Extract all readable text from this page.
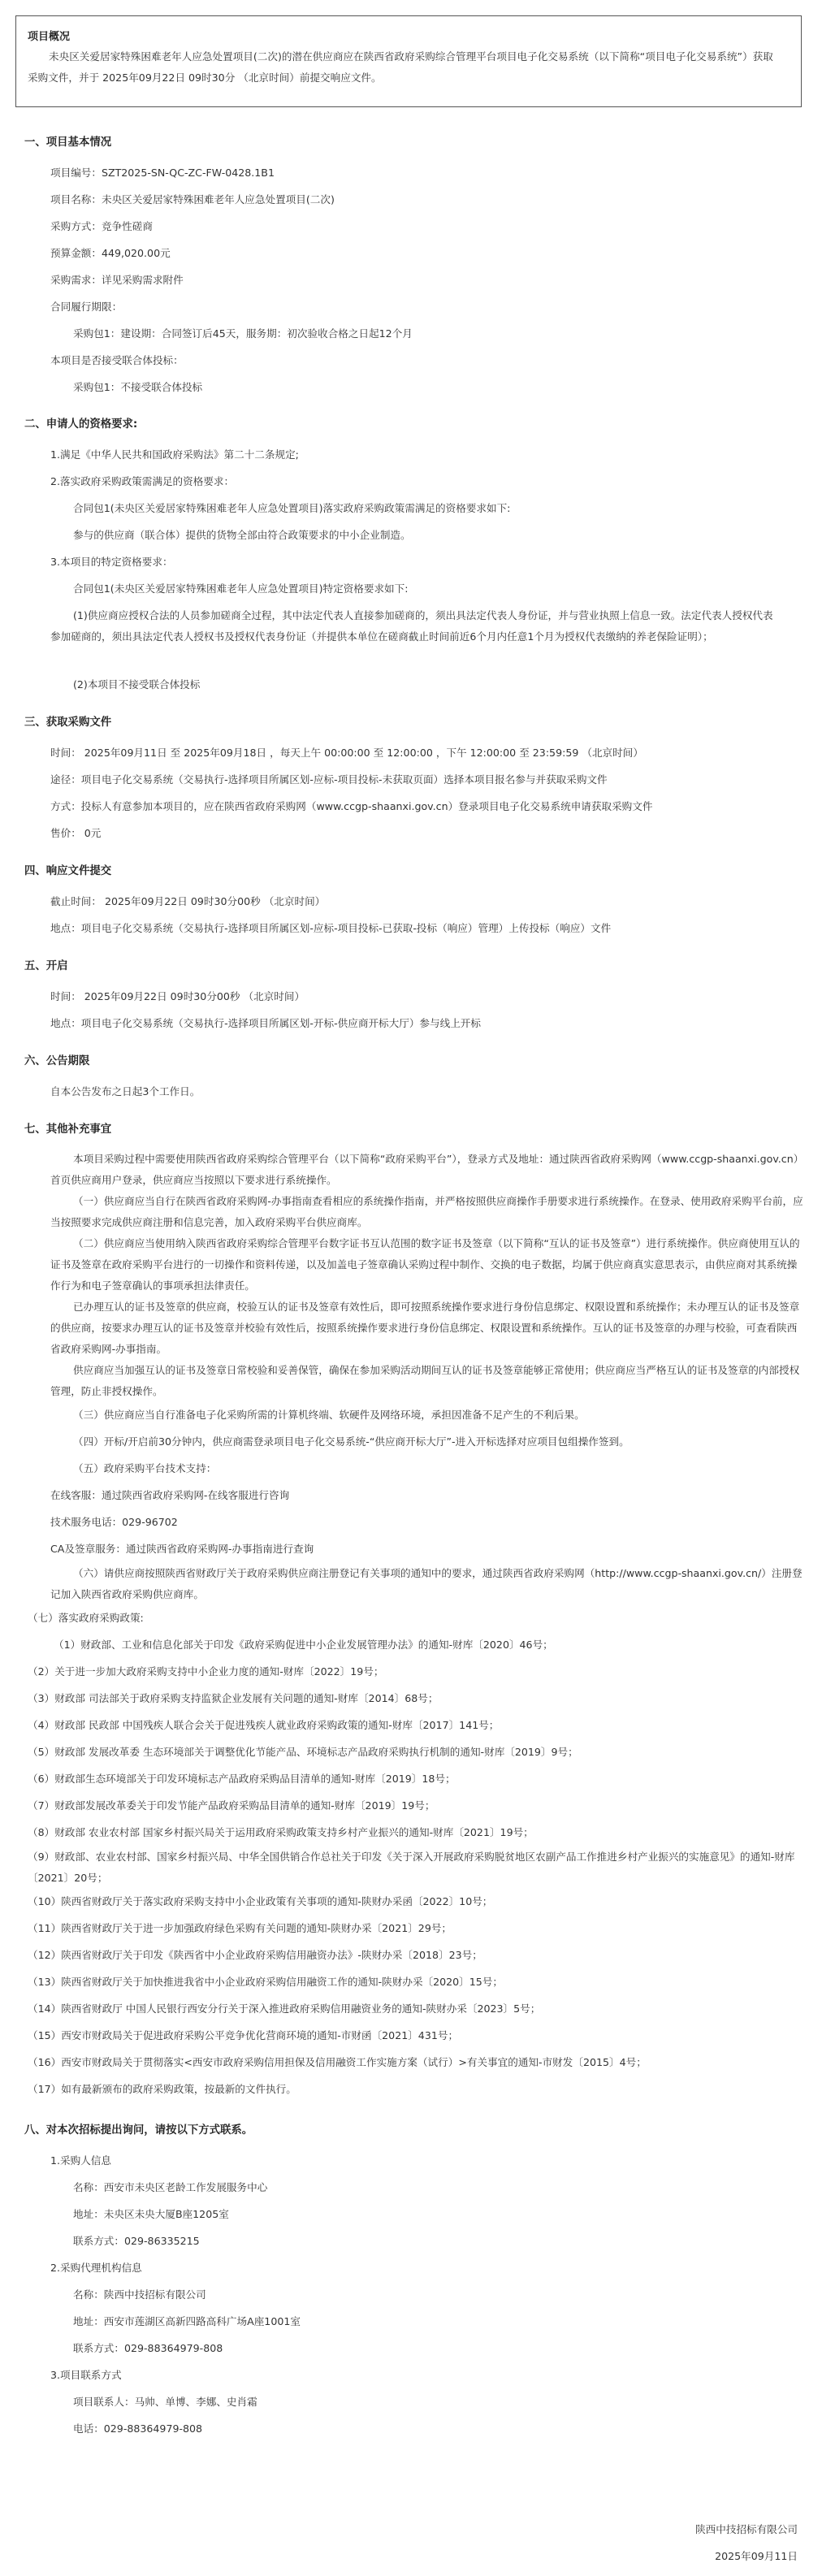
项目概况

未央区关爱居家特殊困难老年人应急处置项目(二次)的潜在供应商应在陕西省政府采购综合管理平台项目电子化交易系统（以下简称“项目电子化交易系统”）获取采购文件，并于 2025年09月22日 09时30分 （北京时间）前提交响应文件。

一、项目基本情况
项目编号：SZT2025-SN-QC-ZC-FW-0428.1B1
项目名称：未央区关爱居家特殊困难老年人应急处置项目(二次)
采购方式：竞争性磋商
预算金额：449,020.00元
采购需求：详见采购需求附件
合同履行期限：
采购包1：建设期：合同签订后45天，服务期：初次验收合格之日起12个月
本项目是否接受联合体投标：
采购包1：不接受联合体投标
二、申请人的资格要求:
1.满足《中华人民共和国政府采购法》第二十二条规定;
2.落实政府采购政策需满足的资格要求：
合同包1(未央区关爱居家特殊困难老年人应急处置项目)落实政府采购政策需满足的资格要求如下:
参与的供应商（联合体）提供的货物全部由符合政策要求的中小企业制造。
3.本项目的特定资格要求：
合同包1(未央区关爱居家特殊困难老年人应急处置项目)特定资格要求如下:
(1)供应商应授权合法的人员参加磋商全过程，其中法定代表人直接参加磋商的，须出具法定代表人身份证，并与营业执照上信息一致。法定代表人授权代表参加磋商的，须出具法定代表人授权书及授权代表身份证（并提供本单位在磋商截止时间前近6个月内任意1个月为授权代表缴纳的养老保险证明）；
(2)本项目不接受联合体投标
三、获取采购文件
时间： 2025年09月11日 至 2025年09月18日 ，每天上午 00:00:00 至 12:00:00 ，下午 12:00:00 至 23:59:59 （北京时间）
途径：项目电子化交易系统（交易执行-选择项目所属区划-应标-项目投标-未获取页面）选择本项目报名参与并获取采购文件
方式：投标人有意参加本项目的，应在陕西省政府采购网（www.ccgp-shaanxi.gov.cn）登录项目电子化交易系统申请获取采购文件
售价： 0元
四、响应文件提交
截止时间： 2025年09月22日 09时30分00秒 （北京时间）
地点：项目电子化交易系统（交易执行-选择项目所属区划-应标-项目投标-已获取-投标（响应）管理）上传投标（响应）文件
五、开启
时间： 2025年09月22日 09时30分00秒 （北京时间）
地点：项目电子化交易系统（交易执行-选择项目所属区划-开标-供应商开标大厅）参与线上开标
六、公告期限
自本公告发布之日起3个工作日。
七、其他补充事宜
本项目采购过程中需要使用陕西省政府采购综合管理平台（以下简称“政府采购平台”），登录方式及地址：通过陕西省政府采购网（www.ccgp-shaanxi.gov.cn）首页供应商用户登录，供应商应当按照以下要求进行系统操作。
（一）供应商应当自行在陕西省政府采购网-办事指南查看相应的系统操作指南，并严格按照供应商操作手册要求进行系统操作。在登录、使用政府采购平台前，应当按照要求完成供应商注册和信息完善，加入政府采购平台供应商库。
（二）供应商应当使用纳入陕西省政府采购综合管理平台数字证书互认范围的数字证书及签章（以下简称“互认的证书及签章”）进行系统操作。供应商使用互认的证书及签章在政府采购平台进行的一切操作和资料传递，以及加盖电子签章确认采购过程中制作、交换的电子数据，均属于供应商真实意思表示，由供应商对其系统操作行为和电子签章确认的事项承担法律责任。
已办理互认的证书及签章的供应商，校验互认的证书及签章有效性后，即可按照系统操作要求进行身份信息绑定、权限设置和系统操作；未办理互认的证书及签章的供应商，按要求办理互认的证书及签章并校验有效性后，按照系统操作要求进行身份信息绑定、权限设置和系统操作。互认的证书及签章的办理与校验，可查看陕西省政府采购网-办事指南。
供应商应当加强互认的证书及签章日常校验和妥善保管，确保在参加采购活动期间互认的证书及签章能够正常使用；供应商应当严格互认的证书及签章的内部授权管理，防止非授权操作。
（三）供应商应当自行准备电子化采购所需的计算机终端、软硬件及网络环境，承担因准备不足产生的不利后果。
（四）开标/开启前30分钟内，供应商需登录项目电子化交易系统-“供应商开标大厅”-进入开标选择对应项目包组操作签到。
（五）政府采购平台技术支持：
在线客服：通过陕西省政府采购网-在线客服进行咨询
技术服务电话：029-96702
CA及签章服务：通过陕西省政府采购网-办事指南进行查询
（六）请供应商按照陕西省财政厅关于政府采购供应商注册登记有关事项的通知中的要求，通过陕西省政府采购网（http://www.ccgp-shaanxi.gov.cn/）注册登记加入陕西省政府采购供应商库。
（七）落实政府采购政策:
（1）财政部、工业和信息化部关于印发《政府采购促进中小企业发展管理办法》的通知-财库〔2020〕46号；
（2）关于进一步加大政府采购支持中小企业力度的通知-财库〔2022〕19号；
（3）财政部 司法部关于政府采购支持监狱企业发展有关问题的通知-财库〔2014〕68号；
（4）财政部 民政部 中国残疾人联合会关于促进残疾人就业政府采购政策的通知-财库〔2017〕141号；
（5）财政部 发展改革委 生态环境部关于调整优化节能产品、环境标志产品政府采购执行机制的通知-财库〔2019〕9号；
（6）财政部生态环境部关于印发环境标志产品政府采购品目清单的通知-财库〔2019〕18号；
（7）财政部发展改革委关于印发节能产品政府采购品目清单的通知-财库〔2019〕19号；
（8）财政部 农业农村部 国家乡村振兴局关于运用政府采购政策支持乡村产业振兴的通知-财库〔2021〕19号；
（9）财政部、农业农村部、国家乡村振兴局、中华全国供销合作总社关于印发《关于深入开展政府采购脱贫地区农副产品工作推进乡村产业振兴的实施意见》的通知-财库〔2021〕20号；
（10）陕西省财政厅关于落实政府采购支持中小企业政策有关事项的通知-陕财办采函〔2022〕10号；
（11）陕西省财政厅关于进一步加强政府绿色采购有关问题的通知-陕财办采〔2021〕29号；
（12）陕西省财政厅关于印发《陕西省中小企业政府采购信用融资办法》-陕财办采〔2018〕23号；
（13）陕西省财政厅关于加快推进我省中小企业政府采购信用融资工作的通知-陕财办采〔2020〕15号；
（14）陕西省财政厅 中国人民银行西安分行关于深入推进政府采购信用融资业务的通知-陕财办采〔2023〕5号；
（15）西安市财政局关于促进政府采购公平竞争优化营商环境的通知-市财函〔2021〕431号；
（16）西安市财政局关于贯彻落实<西安市政府采购信用担保及信用融资工作实施方案（试行）>有关事宜的通知-市财发〔2015〕4号；
（17）如有最新颁布的政府采购政策，按最新的文件执行。
八、对本次招标提出询问，请按以下方式联系。
1.采购人信息
名称：西安市未央区老龄工作发展服务中心
地址：未央区未央大厦B座1205室
联系方式：029-86335215
2.采购代理机构信息
名称：陕西中技招标有限公司
地址：西安市莲湖区高新四路高科广场A座1001室
联系方式：029-88364979-808
3.项目联系方式
项目联系人：马帅、单博、李娜、史肖霜
电话：029-88364979-808
陕西中技招标有限公司
2025年09月11日
